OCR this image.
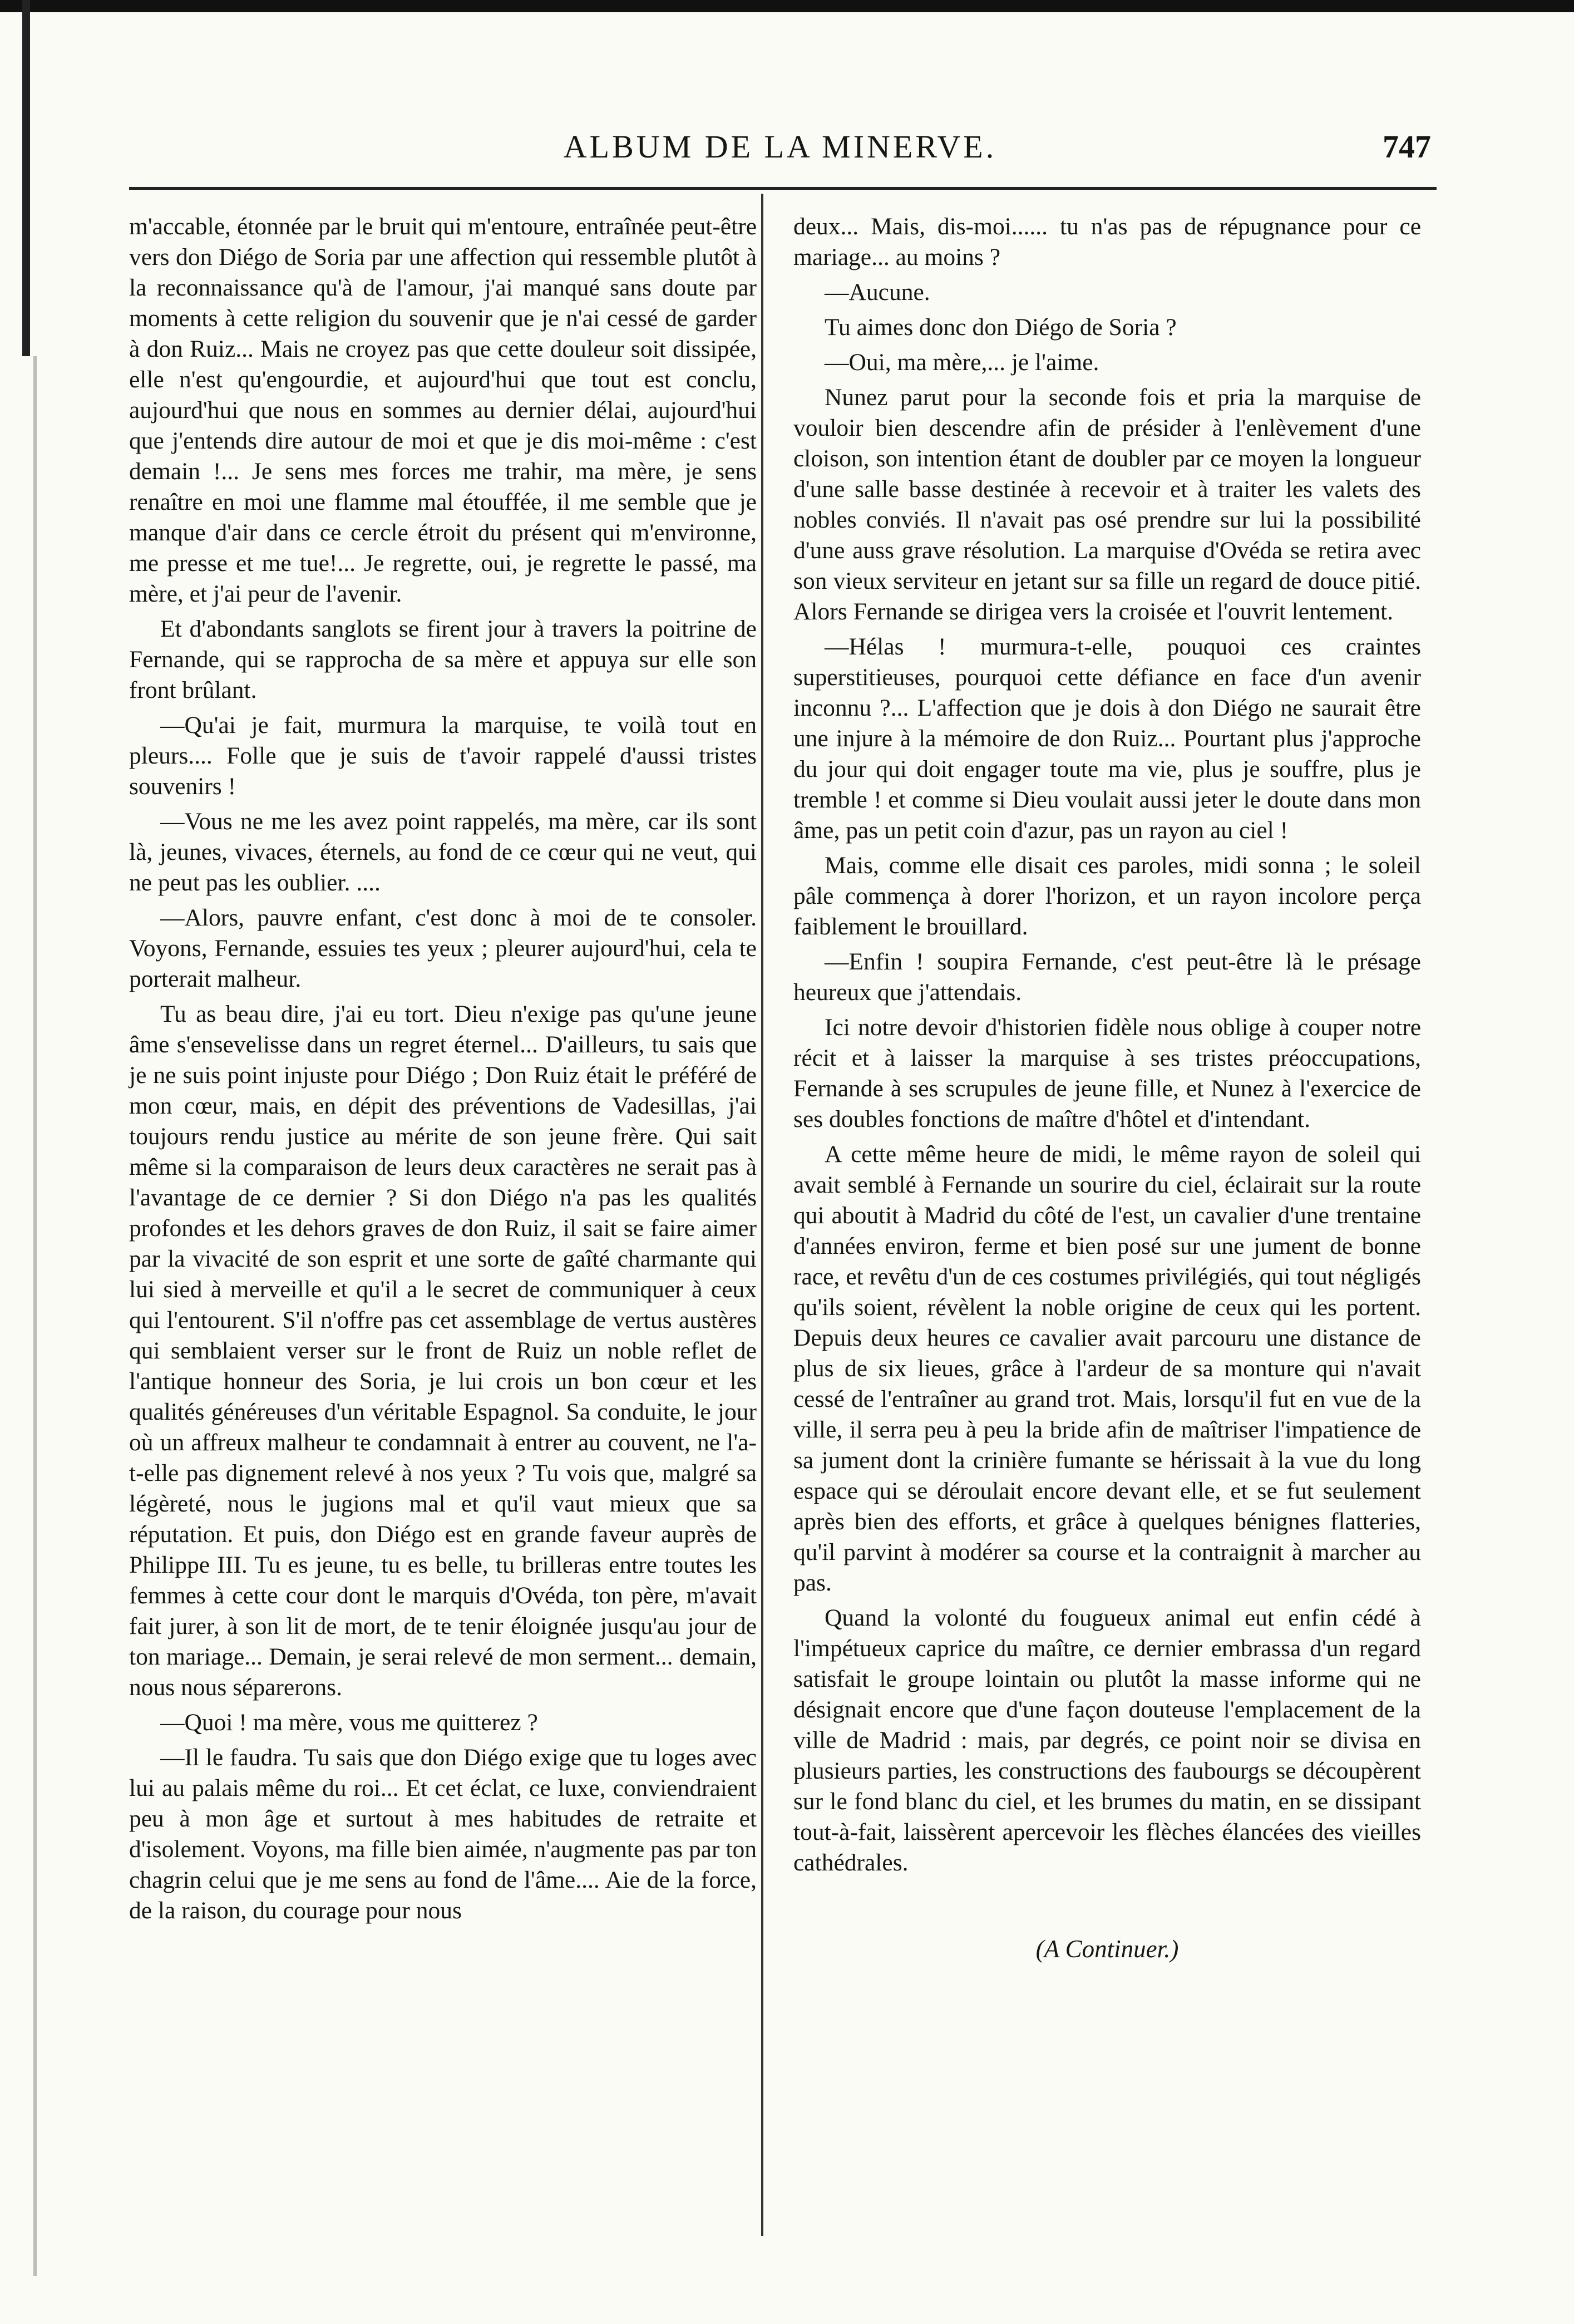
ALBUM DE LA MINERVE.	747

m'accable, étonnée par le bruit qui m'entoure, entraînée peut-être vers don Diégo de Soria par une affection qui ressemble plutôt à la reconnaissance qu'à de l'amour, j'ai manqué sans doute par moments à cette religion du souvenir que je n'ai cessé de garder à don Ruiz... Mais ne croyez pas que cette douleur soit dissipée, elle n'est qu'engourdie, et aujourd'hui que tout est conclu, aujourd'hui que nous en sommes au dernier délai, aujourd'hui que j'entends dire autour de moi et que je dis moi-même : c'est demain !... Je sens mes forces me trahir, ma mère, je sens renaître en moi une flamme mal étouffée, il me semble que je manque d'air dans ce cercle étroit du présent qui m'environne, me presse et me tue!... Je regrette, oui, je regrette le passé, ma mère, et j'ai peur de l'avenir.

Et d'abondants sanglots se firent jour à travers la poitrine de Fernande, qui se rapprocha de sa mère et appuya sur elle son front brûlant.

—Qu'ai je fait, murmura la marquise, te voilà tout en pleurs.... Folle que je suis de t'avoir rappelé d'aussi tristes souvenirs !

—Vous ne me les avez point rappelés, ma mère, car ils sont là, jeunes, vivaces, éternels, au fond de ce cœur qui ne veut, qui ne peut pas les oublier. ....

—Alors, pauvre enfant, c'est donc à moi de te consoler. Voyons, Fernande, essuies tes yeux ; pleurer aujourd'hui, cela te porterait malheur.

Tu as beau dire, j'ai eu tort. Dieu n'exige pas qu'une jeune âme s'ensevelisse dans un regret éternel... D'ailleurs, tu sais que je ne suis point injuste pour Diégo ; Don Ruiz était le préféré de mon cœur, mais, en dépit des préventions de Vadesillas, j'ai toujours rendu justice au mérite de son jeune frère. Qui sait même si la comparaison de leurs deux caractères ne serait pas à l'avantage de ce dernier ? Si don Diégo n'a pas les qualités profondes et les dehors graves de don Ruiz, il sait se faire aimer par la vivacité de son esprit et une sorte de gaîté charmante qui lui sied à merveille et qu'il a le secret de communiquer à ceux qui l'entourent. S'il n'offre pas cet assemblage de vertus austères qui semblaient verser sur le front de Ruiz un noble reflet de l'antique honneur des Soria, je lui crois un bon cœur et les qualités généreuses d'un véritable Espagnol. Sa conduite, le jour où un affreux malheur te condamnait à entrer au couvent, ne l'a-t-elle pas dignement relevé à nos yeux ? Tu vois que, malgré sa légèreté, nous le jugions mal et qu'il vaut mieux que sa réputation. Et puis, don Diégo est en grande faveur auprès de Philippe III. Tu es jeune, tu es belle, tu brilleras entre toutes les femmes à cette cour dont le marquis d'Ovéda, ton père, m'avait fait jurer, à son lit de mort, de te tenir éloignée jusqu'au jour de ton mariage... Demain, je serai relevé de mon serment... demain, nous nous séparerons.

—Quoi ! ma mère, vous me quitterez ?

—Il le faudra. Tu sais que don Diégo exige que tu loges avec lui au palais même du roi... Et cet éclat, ce luxe, conviendraient peu à mon âge et surtout à mes habitudes de retraite et d'isolement. Voyons, ma fille bien aimée, n'augmente pas par ton chagrin celui que je me sens au fond de l'âme.... Aie de la force, de la raison, du courage pour nous

deux... Mais, dis-moi...... tu n'as pas de répugnance pour ce mariage... au moins ?

—Aucune.

Tu aimes donc don Diégo de Soria ?

—Oui, ma mère,... je l'aime.

Nunez parut pour la seconde fois et pria la marquise de vouloir bien descendre afin de présider à l'enlèvement d'une cloison, son intention étant de doubler par ce moyen la longueur d'une salle basse destinée à recevoir et à traiter les valets des nobles conviés. Il n'avait pas osé prendre sur lui la possibilité d'une auss grave résolution. La marquise d'Ovéda se retira avec son vieux serviteur en jetant sur sa fille un regard de douce pitié. Alors Fernande se dirigea vers la croisée et l'ouvrit lentement.

—Hélas ! murmura-t-elle, pouquoi ces craintes superstitieuses, pourquoi cette défiance en face d'un avenir inconnu ?... L'affection que je dois à don Diégo ne saurait être une injure à la mémoire de don Ruiz... Pourtant plus j'approche du jour qui doit engager toute ma vie, plus je souffre, plus je tremble ! et comme si Dieu voulait aussi jeter le doute dans mon âme, pas un petit coin d'azur, pas un rayon au ciel !

Mais, comme elle disait ces paroles, midi sonna ; le soleil pâle commença à dorer l'horizon, et un rayon incolore perça faiblement le brouillard.

—Enfin ! soupira Fernande, c'est peut-être là le présage heureux que j'attendais.

Ici notre devoir d'historien fidèle nous oblige à couper notre récit et à laisser la marquise à ses tristes préoccupations, Fernande à ses scrupules de jeune fille, et Nunez à l'exercice de ses doubles fonctions de maître d'hôtel et d'intendant.

A cette même heure de midi, le même rayon de soleil qui avait semblé à Fernande un sourire du ciel, éclairait sur la route qui aboutit à Madrid du côté de l'est, un cavalier d'une trentaine d'années environ, ferme et bien posé sur une jument de bonne race, et revêtu d'un de ces costumes privilégiés, qui tout négligés qu'ils soient, révèlent la noble origine de ceux qui les portent. Depuis deux heures ce cavalier avait parcouru une distance de plus de six lieues, grâce à l'ardeur de sa monture qui n'avait cessé de l'entraîner au grand trot. Mais, lorsqu'il fut en vue de la ville, il serra peu à peu la bride afin de maîtriser l'impatience de sa jument dont la crinière fumante se hérissait à la vue du long espace qui se déroulait encore devant elle, et se fut seulement après bien des efforts, et grâce à quelques bénignes flatteries, qu'il parvint à modérer sa course et la contraignit à marcher au pas.

Quand la volonté du fougueux animal eut enfin cédé à l'impétueux caprice du maître, ce dernier embrassa d'un regard satisfait le groupe lointain ou plutôt la masse informe qui ne désignait encore que d'une façon douteuse l'emplacement de la ville de Madrid : mais, par degrés, ce point noir se divisa en plusieurs parties, les constructions des faubourgs se découpèrent sur le fond blanc du ciel, et les brumes du matin, en se dissipant tout-à-fait, laissèrent apercevoir les flèches élancées des vieilles cathédrales.

(A Continuer.)
